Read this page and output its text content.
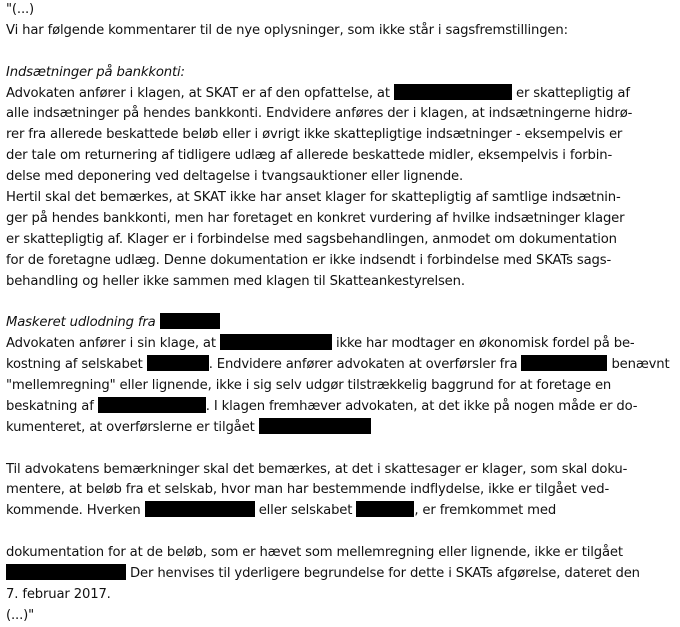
"(...)
Vi har følgende kommentarer til de nye oplysninger, som ikke står i sagsfremstillingen:
Indsætninger på bankkonti:
Advokaten anfører i klagen, at SKAT er af den opfattelse, at	er skattepligtig af
alle indsætninger på hendes bankkonti. Endvidere anføres der i klagen, at indsætningerne hidrø-
rer fra allerede beskattede beløb eller i øvrigt ikke skattepligtige indsætninger - eksempelvis er
der tale om returnering af tidligere udlæg af allerede beskattede midler, eksempelvis i forbin-
delse med deponering ved deltagelse i tvangsauktioner eller lignende.
Hertil skal det bemærkes, at SKAT ikke har anset klager for skattepligtig af samtlige indsætnin-
ger på hendes bankkonti, men har foretaget en konkret vurdering af hvilke indsætninger klager
er skattepligtig af. Klager er i forbindelse med sagsbehandlingen, anmodet om dokumentation
for de foretagne udlæg. Denne dokumentation er ikke indsendt i forbindelse med SKATs sags-
behandling og heller ikke sammen med klagen til Skatteankestyrelsen.
Maskeret udlodning fra
Advokaten anfører i sin klage, at	ikke har modtager en økonomisk fordel på be-
kostning af selskabet	. Endvidere anfører advokaten at overførsler fra	benævnt
"mellemregning" eller lignende, ikke i sig selv udgør tilstrækkelig baggrund for at foretage en
beskatning af	. I klagen fremhæver advokaten, at det ikke på nogen måde er do-
kumenteret, at overførslerne er tilgået
Til advokatens bemærkninger skal det bemærkes, at det i skattesager er klager, som skal doku-
mentere, at beløb fra et selskab, hvor man har bestemmende indflydelse, ikke er tilgået ved-
kommende. Hverken	eller selskabet	, er fremkommet med
dokumentation for at de beløb, som er hævet som mellemregning eller lignende, ikke er tilgået
Der henvises til yderligere begrundelse for dette i SKATs afgørelse, dateret den
7. februar 2017.
(...)"
